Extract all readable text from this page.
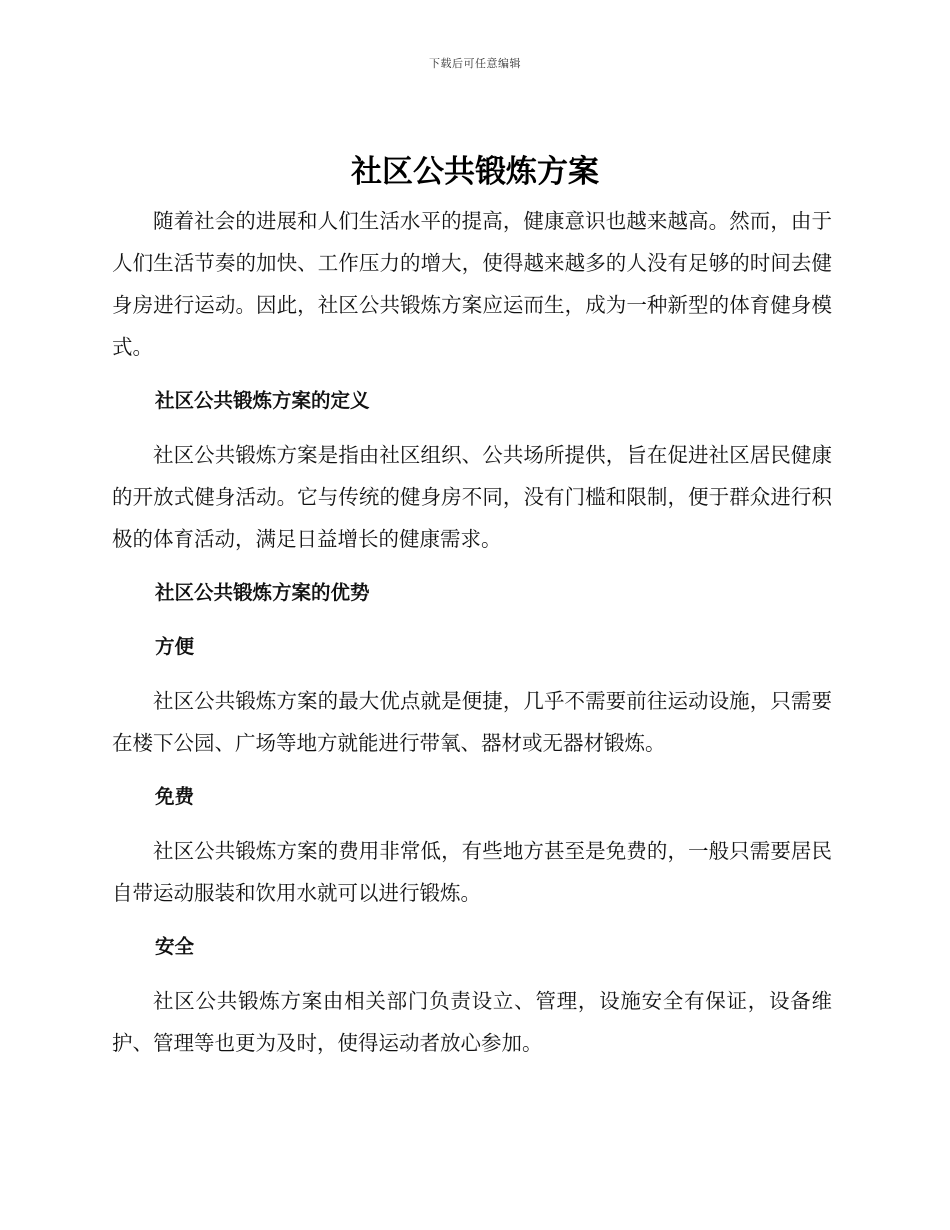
下载后可任意编辑
社区公共锻炼方案

随着社会的进展和人们生活水平的提高，健康意识也越来越高。然而，由于人们生活节奏的加快、工作压力的增大，使得越来越多的人没有足够的时间去健身房进行运动。因此，社区公共锻炼方案应运而生，成为一种新型的体育健身模式。

社区公共锻炼方案的定义

社区公共锻炼方案是指由社区组织、公共场所提供，旨在促进社区居民健康的开放式健身活动。它与传统的健身房不同，没有门槛和限制，便于群众进行积极的体育活动，满足日益增长的健康需求。

社区公共锻炼方案的优势

方便

社区公共锻炼方案的最大优点就是便捷，几乎不需要前往运动设施，只需要在楼下公园、广场等地方就能进行带氧、器材或无器材锻炼。

免费

社区公共锻炼方案的费用非常低，有些地方甚至是免费的，一般只需要居民自带运动服装和饮用水就可以进行锻炼。

安全

社区公共锻炼方案由相关部门负责设立、管理，设施安全有保证，设备维护、管理等也更为及时，使得运动者放心参加。
